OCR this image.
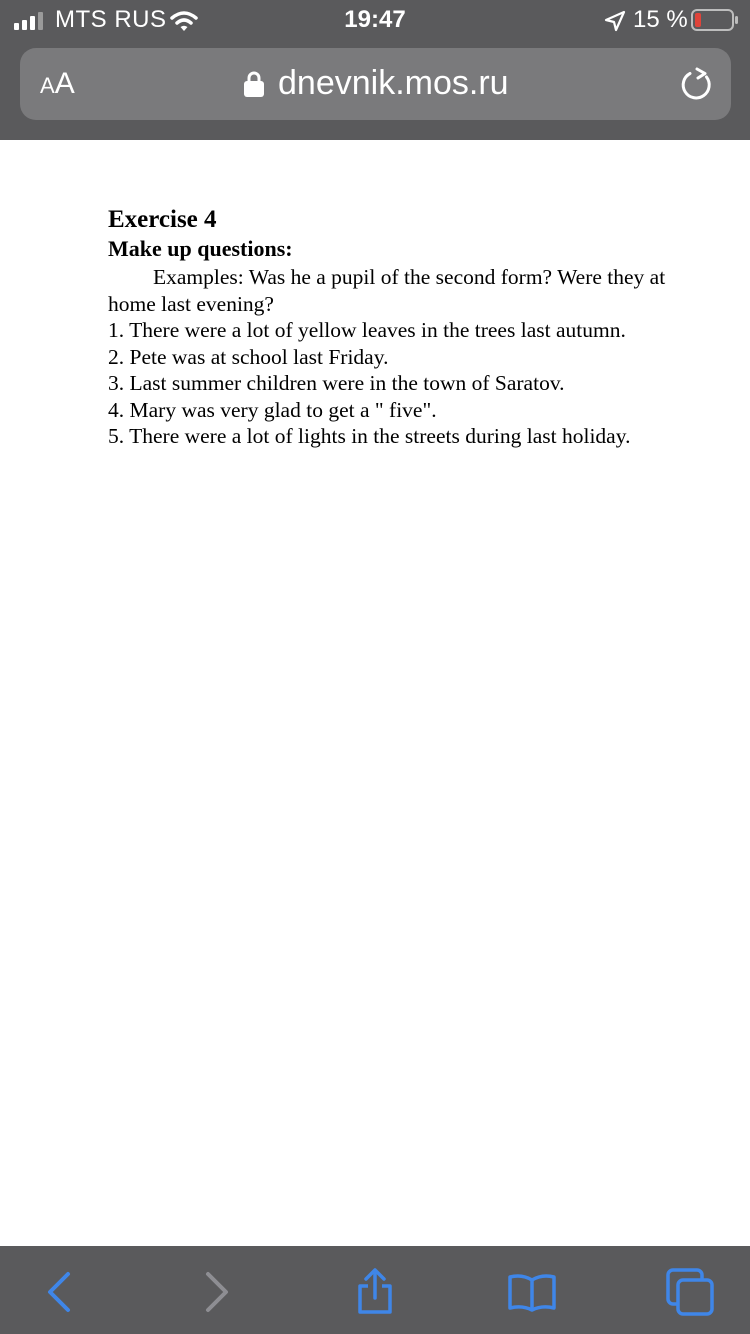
MTS RUS	19:47	15 %
AA	dnevnik.mos.ru
Exercise 4
Make up questions:
Examples: Was he a pupil of the second form? Were they at
home last evening?
1. There were a lot of yellow leaves in the trees last autumn.
2. Pete was at school last Friday.
3. Last summer children were in the town of Saratov.
4. Mary was very glad to get a " five".
5. There were a lot of lights in the streets during last holiday.
